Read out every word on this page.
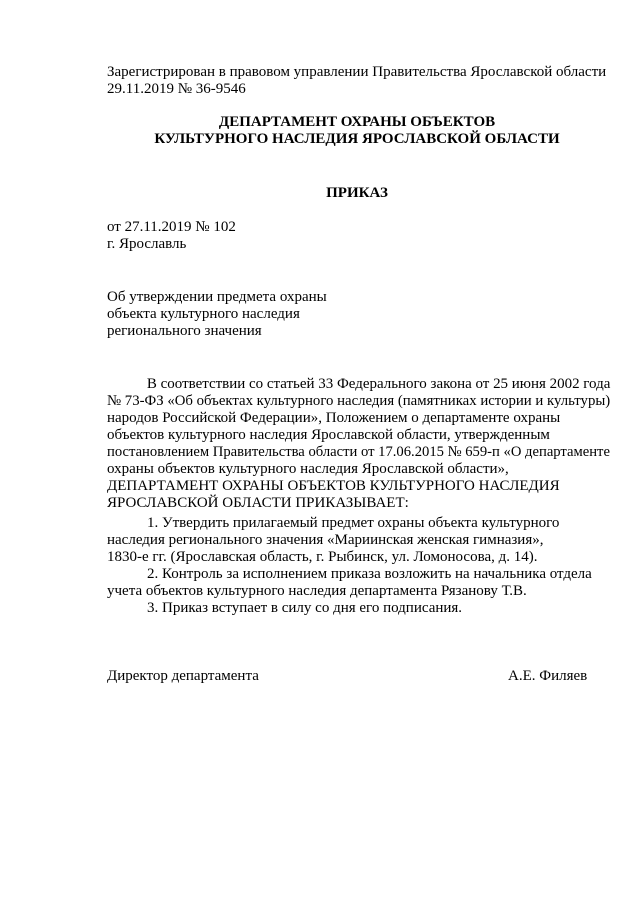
Зарегистрирован в правовом управлении Правительства Ярославской области
29.11.2019 № 36-9546
ДЕПАРТАМЕНТ ОХРАНЫ ОБЪЕКТОВ
КУЛЬТУРНОГО НАСЛЕДИЯ ЯРОСЛАВСКОЙ ОБЛАСТИ
ПРИКАЗ
от 27.11.2019 № 102
г. Ярославль
Об утверждении предмета охраны
объекта культурного наследия
регионального значения
В соответствии со статьей 33 Федерального закона от 25 июня 2002 года
№ 73-ФЗ «Об объектах культурного наследия (памятниках истории и культуры)
народов Российской Федерации», Положением о департаменте охраны
объектов культурного наследия Ярославской области, утвержденным
постановлением Правительства области от 17.06.2015 № 659-п «О департаменте
охраны объектов культурного наследия Ярославской области»,
ДЕПАРТАМЕНТ ОХРАНЫ ОБЪЕКТОВ КУЛЬТУРНОГО НАСЛЕДИЯ
ЯРОСЛАВСКОЙ ОБЛАСТИ ПРИКАЗЫВАЕТ:
1. Утвердить прилагаемый предмет охраны объекта культурного
наследия регионального значения «Мариинская женская гимназия»,
1830-е гг. (Ярославская область, г. Рыбинск, ул. Ломоносова, д. 14).
2. Контроль за исполнением приказа возложить на начальника отдела
учета объектов культурного наследия департамента Рязанову Т.В.
3. Приказ вступает в силу со дня его подписания.
Директор департамента	А.Е. Филяев
